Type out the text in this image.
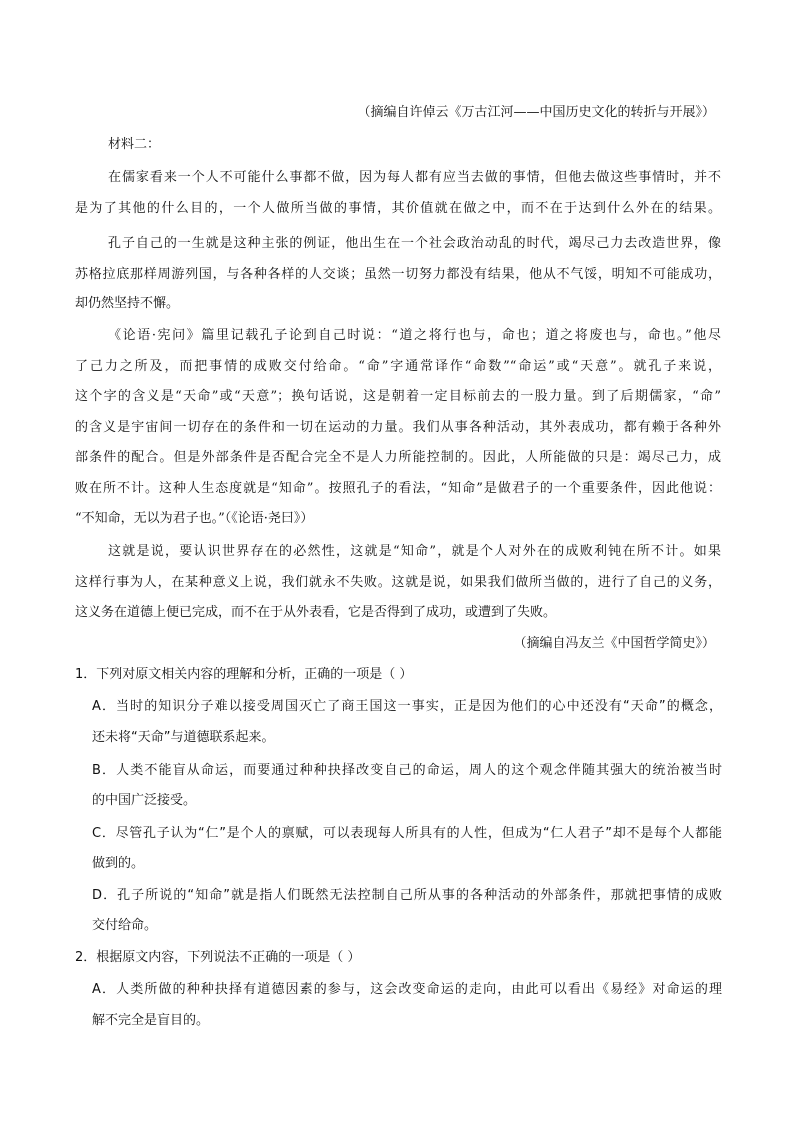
（摘编自许倬云《万古江河——中国历史文化的转折与开展》）
材料二：
在儒家看来一个人不可能什么事都不做，因为每人都有应当去做的事情，但他去做这些事情时，并不
是为了其他的什么目的，一个人做所当做的事情，其价值就在做之中，而不在于达到什么外在的结果。
孔子自己的一生就是这种主张的例证，他出生在一个社会政治动乱的时代，竭尽己力去改造世界，像
苏格拉底那样周游列国，与各种各样的人交谈；虽然一切努力都没有结果，他从不气馁，明知不可能成功，
却仍然坚持不懈。
《论语·宪问》篇里记载孔子论到自己时说：“道之将行也与，命也；道之将废也与，命也。”他尽
了己力之所及，而把事情的成败交付给命。“命”字通常译作“命数”“命运”或“天意”。就孔子来说，
这个字的含义是“天命”或“天意”；换句话说，这是朝着一定目标前去的一股力量。到了后期儒家，“命”
的含义是宇宙间一切存在的条件和一切在运动的力量。我们从事各种活动，其外表成功，都有赖于各种外
部条件的配合。但是外部条件是否配合完全不是人力所能控制的。因此，人所能做的只是：竭尽己力，成
败在所不计。这种人生态度就是“知命”。按照孔子的看法，“知命”是做君子的一个重要条件，因此他说：
“不知命，无以为君子也。”（《论语·尧曰》）
这就是说，要认识世界存在的必然性，这就是“知命”，就是个人对外在的成败利钝在所不计。如果
这样行事为人，在某种意义上说，我们就永不失败。这就是说，如果我们做所当做的，进行了自己的义务，
这义务在道德上便已完成，而不在于从外表看，它是否得到了成功，或遭到了失败。
（摘编自冯友兰《中国哲学简史》）
1．下列对原文相关内容的理解和分析，正确的一项是（ ）
A．当时的知识分子难以接受周国灭亡了商王国这一事实，正是因为他们的心中还没有“天命”的概念，
还未将“天命”与道德联系起来。
B．人类不能盲从命运，而要通过种种抉择改变自己的命运，周人的这个观念伴随其强大的统治被当时
的中国广泛接受。
C．尽管孔子认为“仁”是个人的禀赋，可以表现每人所具有的人性，但成为“仁人君子”却不是每个人都能
做到的。
D．孔子所说的“知命”就是指人们既然无法控制自己所从事的各种活动的外部条件，那就把事情的成败
交付给命。
2．根据原文内容，下列说法不正确的一项是（ ）
A．人类所做的种种抉择有道德因素的参与，这会改变命运的走向，由此可以看出《易经》对命运的理
解不完全是盲目的。
